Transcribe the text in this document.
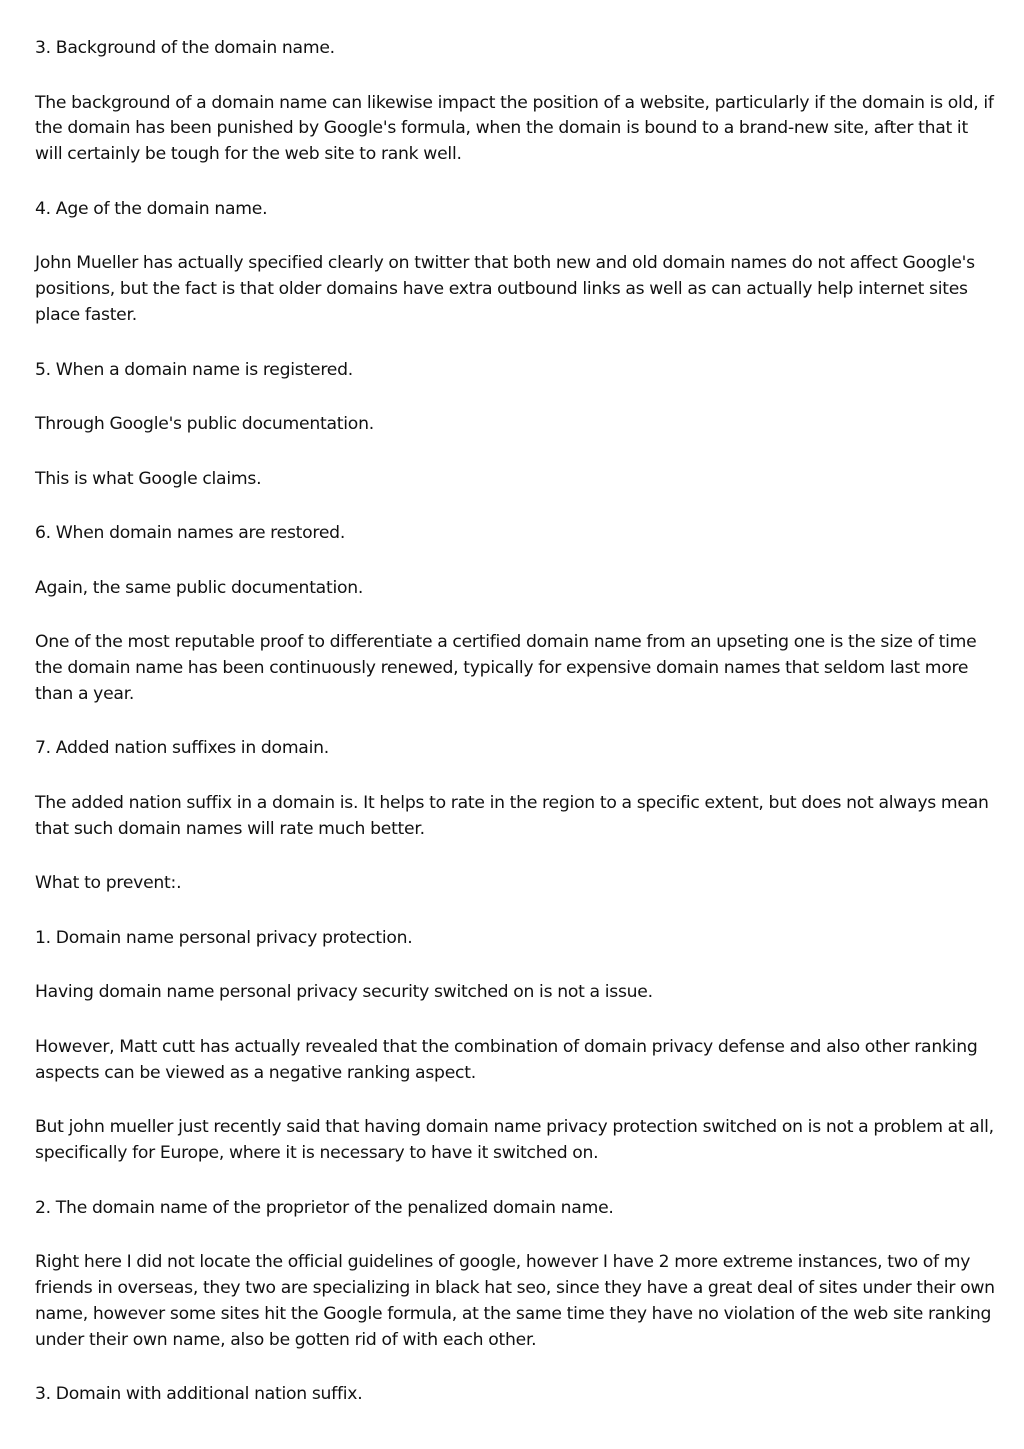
3. Background of the domain name.

The background of a domain name can likewise impact the position of a website, particularly if the domain is old, if the domain has been punished by Google's formula, when the domain is bound to a brand-new site, after that it will certainly be tough for the web site to rank well.

4. Age of the domain name.

John Mueller has actually specified clearly on twitter that both new and old domain names do not affect Google's positions, but the fact is that older domains have extra outbound links as well as can actually help internet sites place faster.

5. When a domain name is registered.

Through Google's public documentation.

This is what Google claims.

6. When domain names are restored.

Again, the same public documentation.

One of the most reputable proof to differentiate a certified domain name from an upseting one is the size of time the domain name has been continuously renewed, typically for expensive domain names that seldom last more than a year.

7. Added nation suffixes in domain.

The added nation suffix in a domain is. It helps to rate in the region to a specific extent, but does not always mean that such domain names will rate much better.

What to prevent:.

1. Domain name personal privacy protection.

Having domain name personal privacy security switched on is not a issue.

However, Matt cutt has actually revealed that the combination of domain privacy defense and also other ranking aspects can be viewed as a negative ranking aspect.

But john mueller just recently said that having domain name privacy protection switched on is not a problem at all, specifically for Europe, where it is necessary to have it switched on.

2. The domain name of the proprietor of the penalized domain name.

Right here I did not locate the official guidelines of google, however I have 2 more extreme instances, two of my friends in overseas, they two are specializing in black hat seo, since they have a great deal of sites under their own name, however some sites hit the Google formula, at the same time they have no violation of the web site ranking under their own name, also be gotten rid of with each other.

3. Domain with additional nation suffix.
